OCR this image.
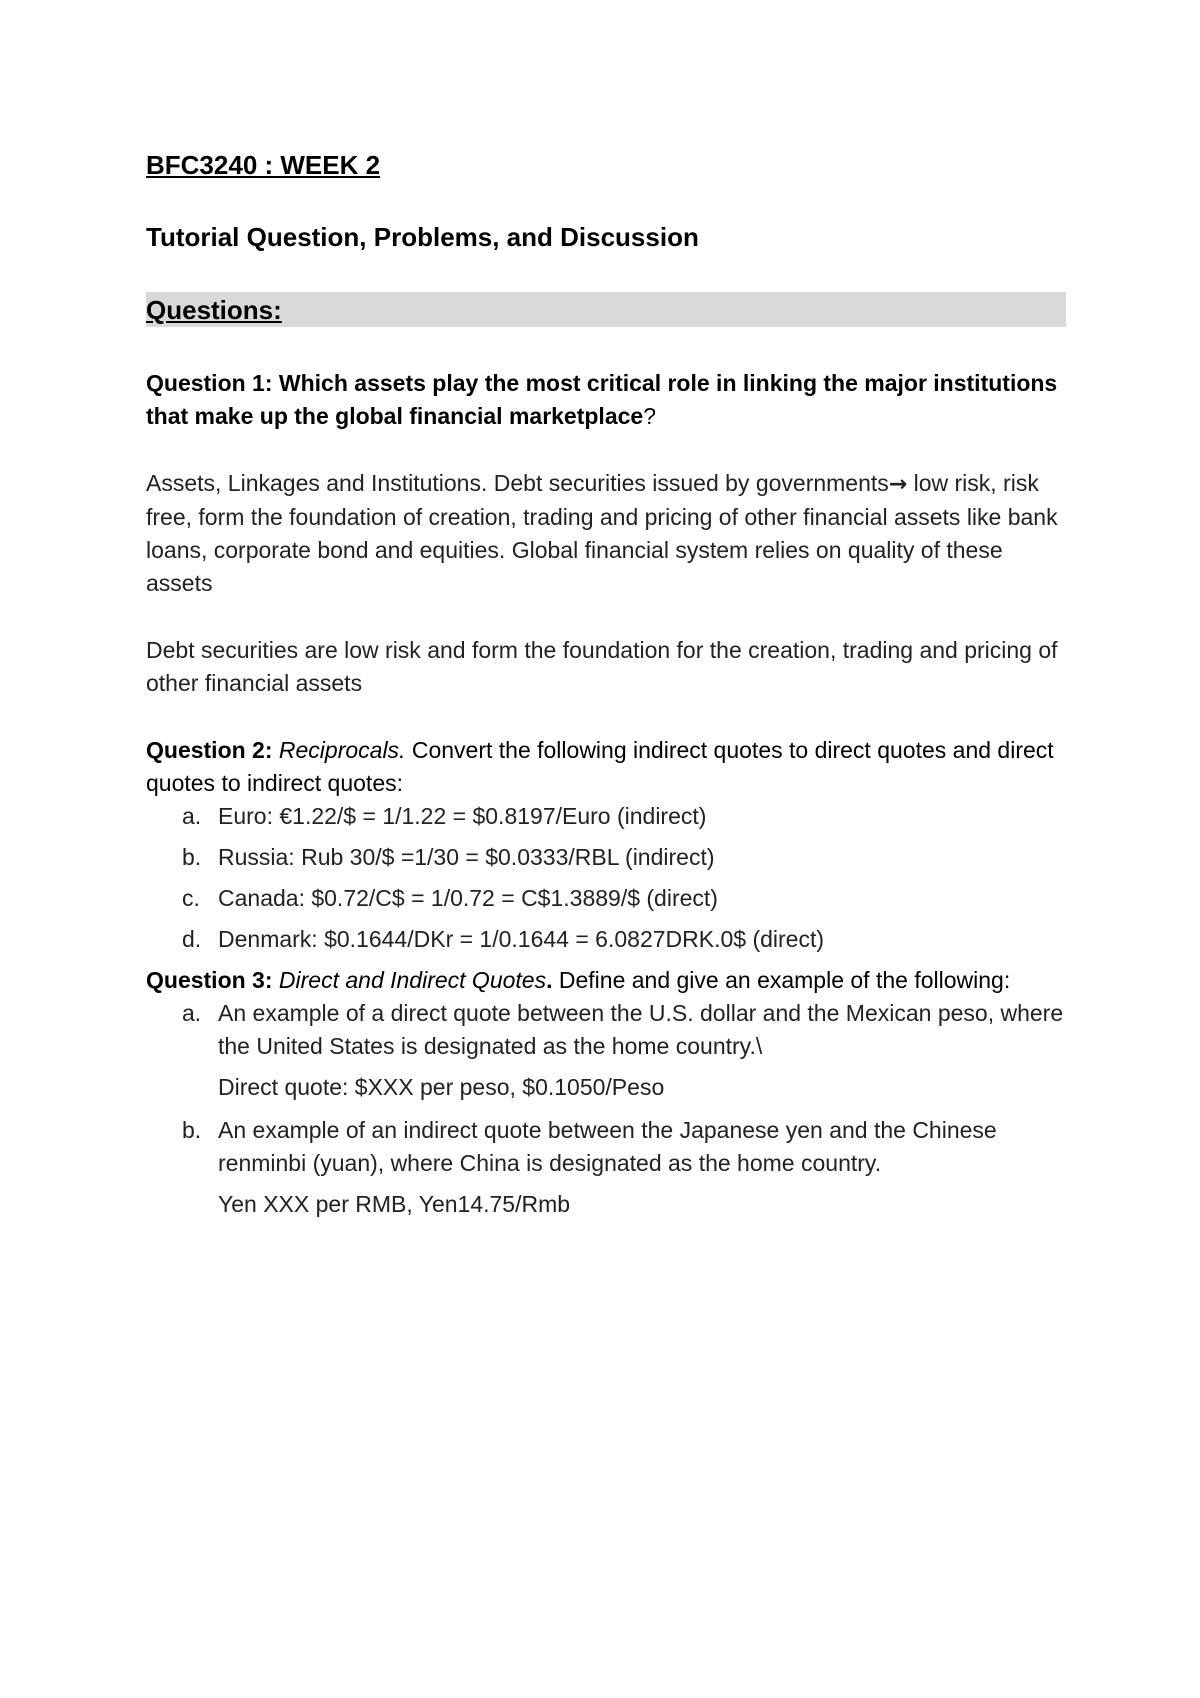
BFC3240 : WEEK 2
Tutorial Question, Problems, and Discussion
Questions:
Question 1: Which assets play the most critical role in linking the major institutions that make up the global financial marketplace?
Assets, Linkages and Institutions. Debt securities issued by governments→ low risk, risk free, form the foundation of creation, trading and pricing of other financial assets like bank loans, corporate bond and equities. Global financial system relies on quality of these assets
Debt securities are low risk and form the foundation for the creation, trading and pricing of other financial assets
Question 2: Reciprocals. Convert the following indirect quotes to direct quotes and direct quotes to indirect quotes:
a. Euro: €1.22/$ = 1/1.22 = $0.8197/Euro (indirect)
b. Russia: Rub 30/$ =1/30 = $0.0333/RBL (indirect)
c. Canada: $0.72/C$ = 1/0.72 = C$1.3889/$ (direct)
d. Denmark: $0.1644/DKr = 1/0.1644 = 6.0827DRK.0$ (direct)
Question 3: Direct and Indirect Quotes. Define and give an example of the following:
a. An example of a direct quote between the U.S. dollar and the Mexican peso, where the United States is designated as the home country.\
Direct quote: $XXX per peso, $0.1050/Peso
b. An example of an indirect quote between the Japanese yen and the Chinese renminbi (yuan), where China is designated as the home country.
Yen XXX per RMB, Yen14.75/Rmb
